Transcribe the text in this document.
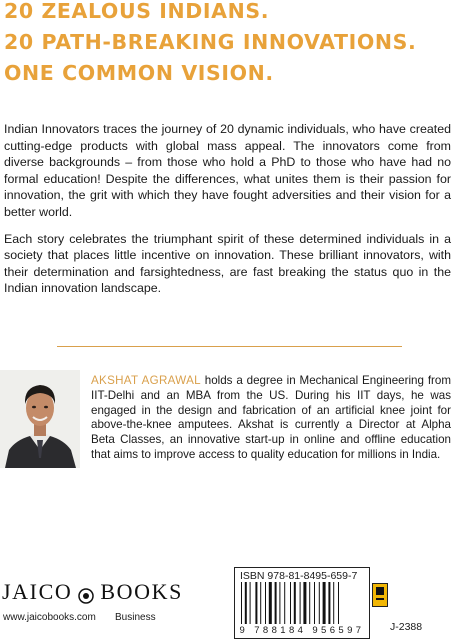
20 ZEALOUS INDIANS.
20 PATH-BREAKING INNOVATIONS.
ONE COMMON VISION.

Indian Innovators traces the journey of 20 dynamic individuals, who have created cutting-edge products with global mass appeal. The innovators come from diverse backgrounds – from those who hold a PhD to those who have had no formal education! Despite the differences, what unites them is their passion for innovation, the grit with which they have fought adversities and their vision for a better world.

Each story celebrates the triumphant spirit of these determined individuals in a society that places little incentive on innovation. These brilliant innovators, with their determination and farsightedness, are fast breaking the status quo in the Indian innovation landscape.

AKSHAT AGRAWAL holds a degree in Mechanical Engineering from IIT-Delhi and an MBA from the US. During his IIT days, he was engaged in the design and fabrication of an artificial knee joint for above-the-knee amputees. Akshat is currently a Director at Alpha Beta Classes, an innovative start-up in online and offline education that aims to improve access to quality education for millions in India.
JAICO BOOKS
www.jaicobooks.com Business
ISBN 978-81-8495-659-7
9 788184 956597	J-2388
